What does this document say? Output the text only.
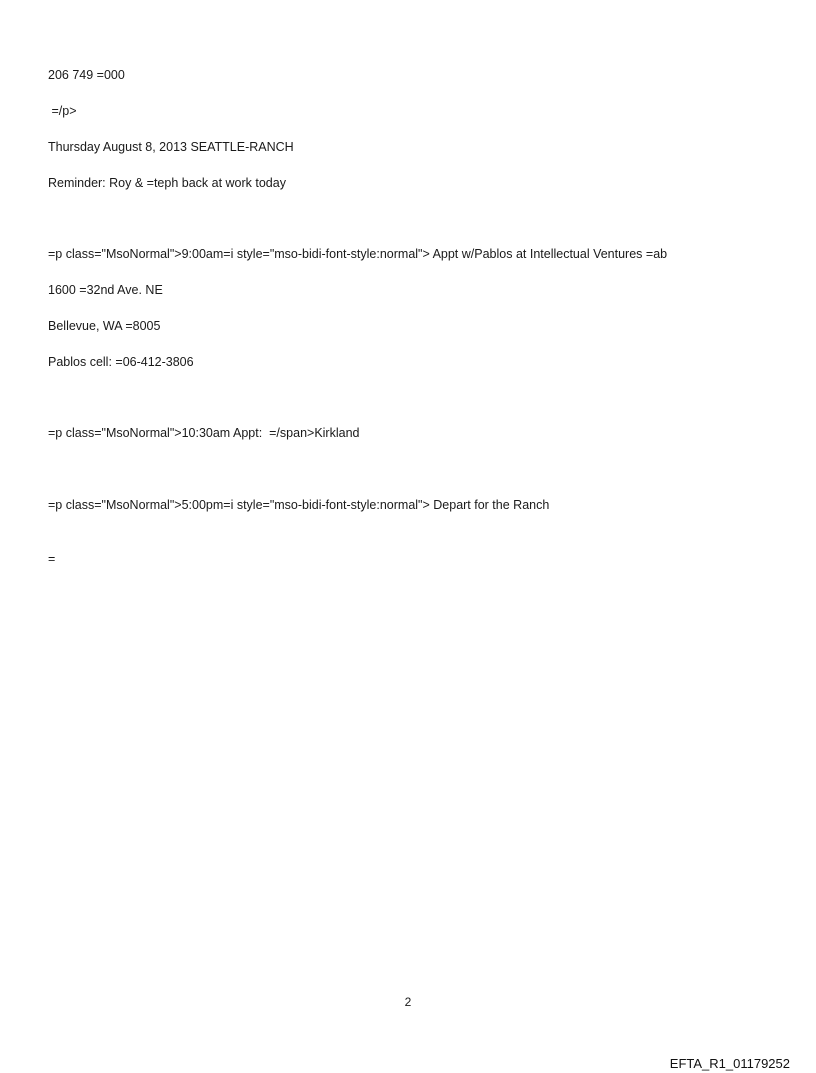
206 749 =000
=/p>
Thursday August 8, 2013 SEATTLE-RANCH
Reminder: Roy & =teph back at work today
=p class="MsoNormal">9:00am=i style="mso-bidi-font-style:normal"> Appt w/Pablos at Intellectual Ventures =ab
1600 =32nd Ave. NE
Bellevue, WA =8005
Pablos cell: =06-412-3806
=p class="MsoNormal">10:30am Appt:  =/span>Kirkland
=p class="MsoNormal">5:00pm=i style="mso-bidi-font-style:normal"> Depart for the Ranch
=
2
EFTA_R1_01179252
